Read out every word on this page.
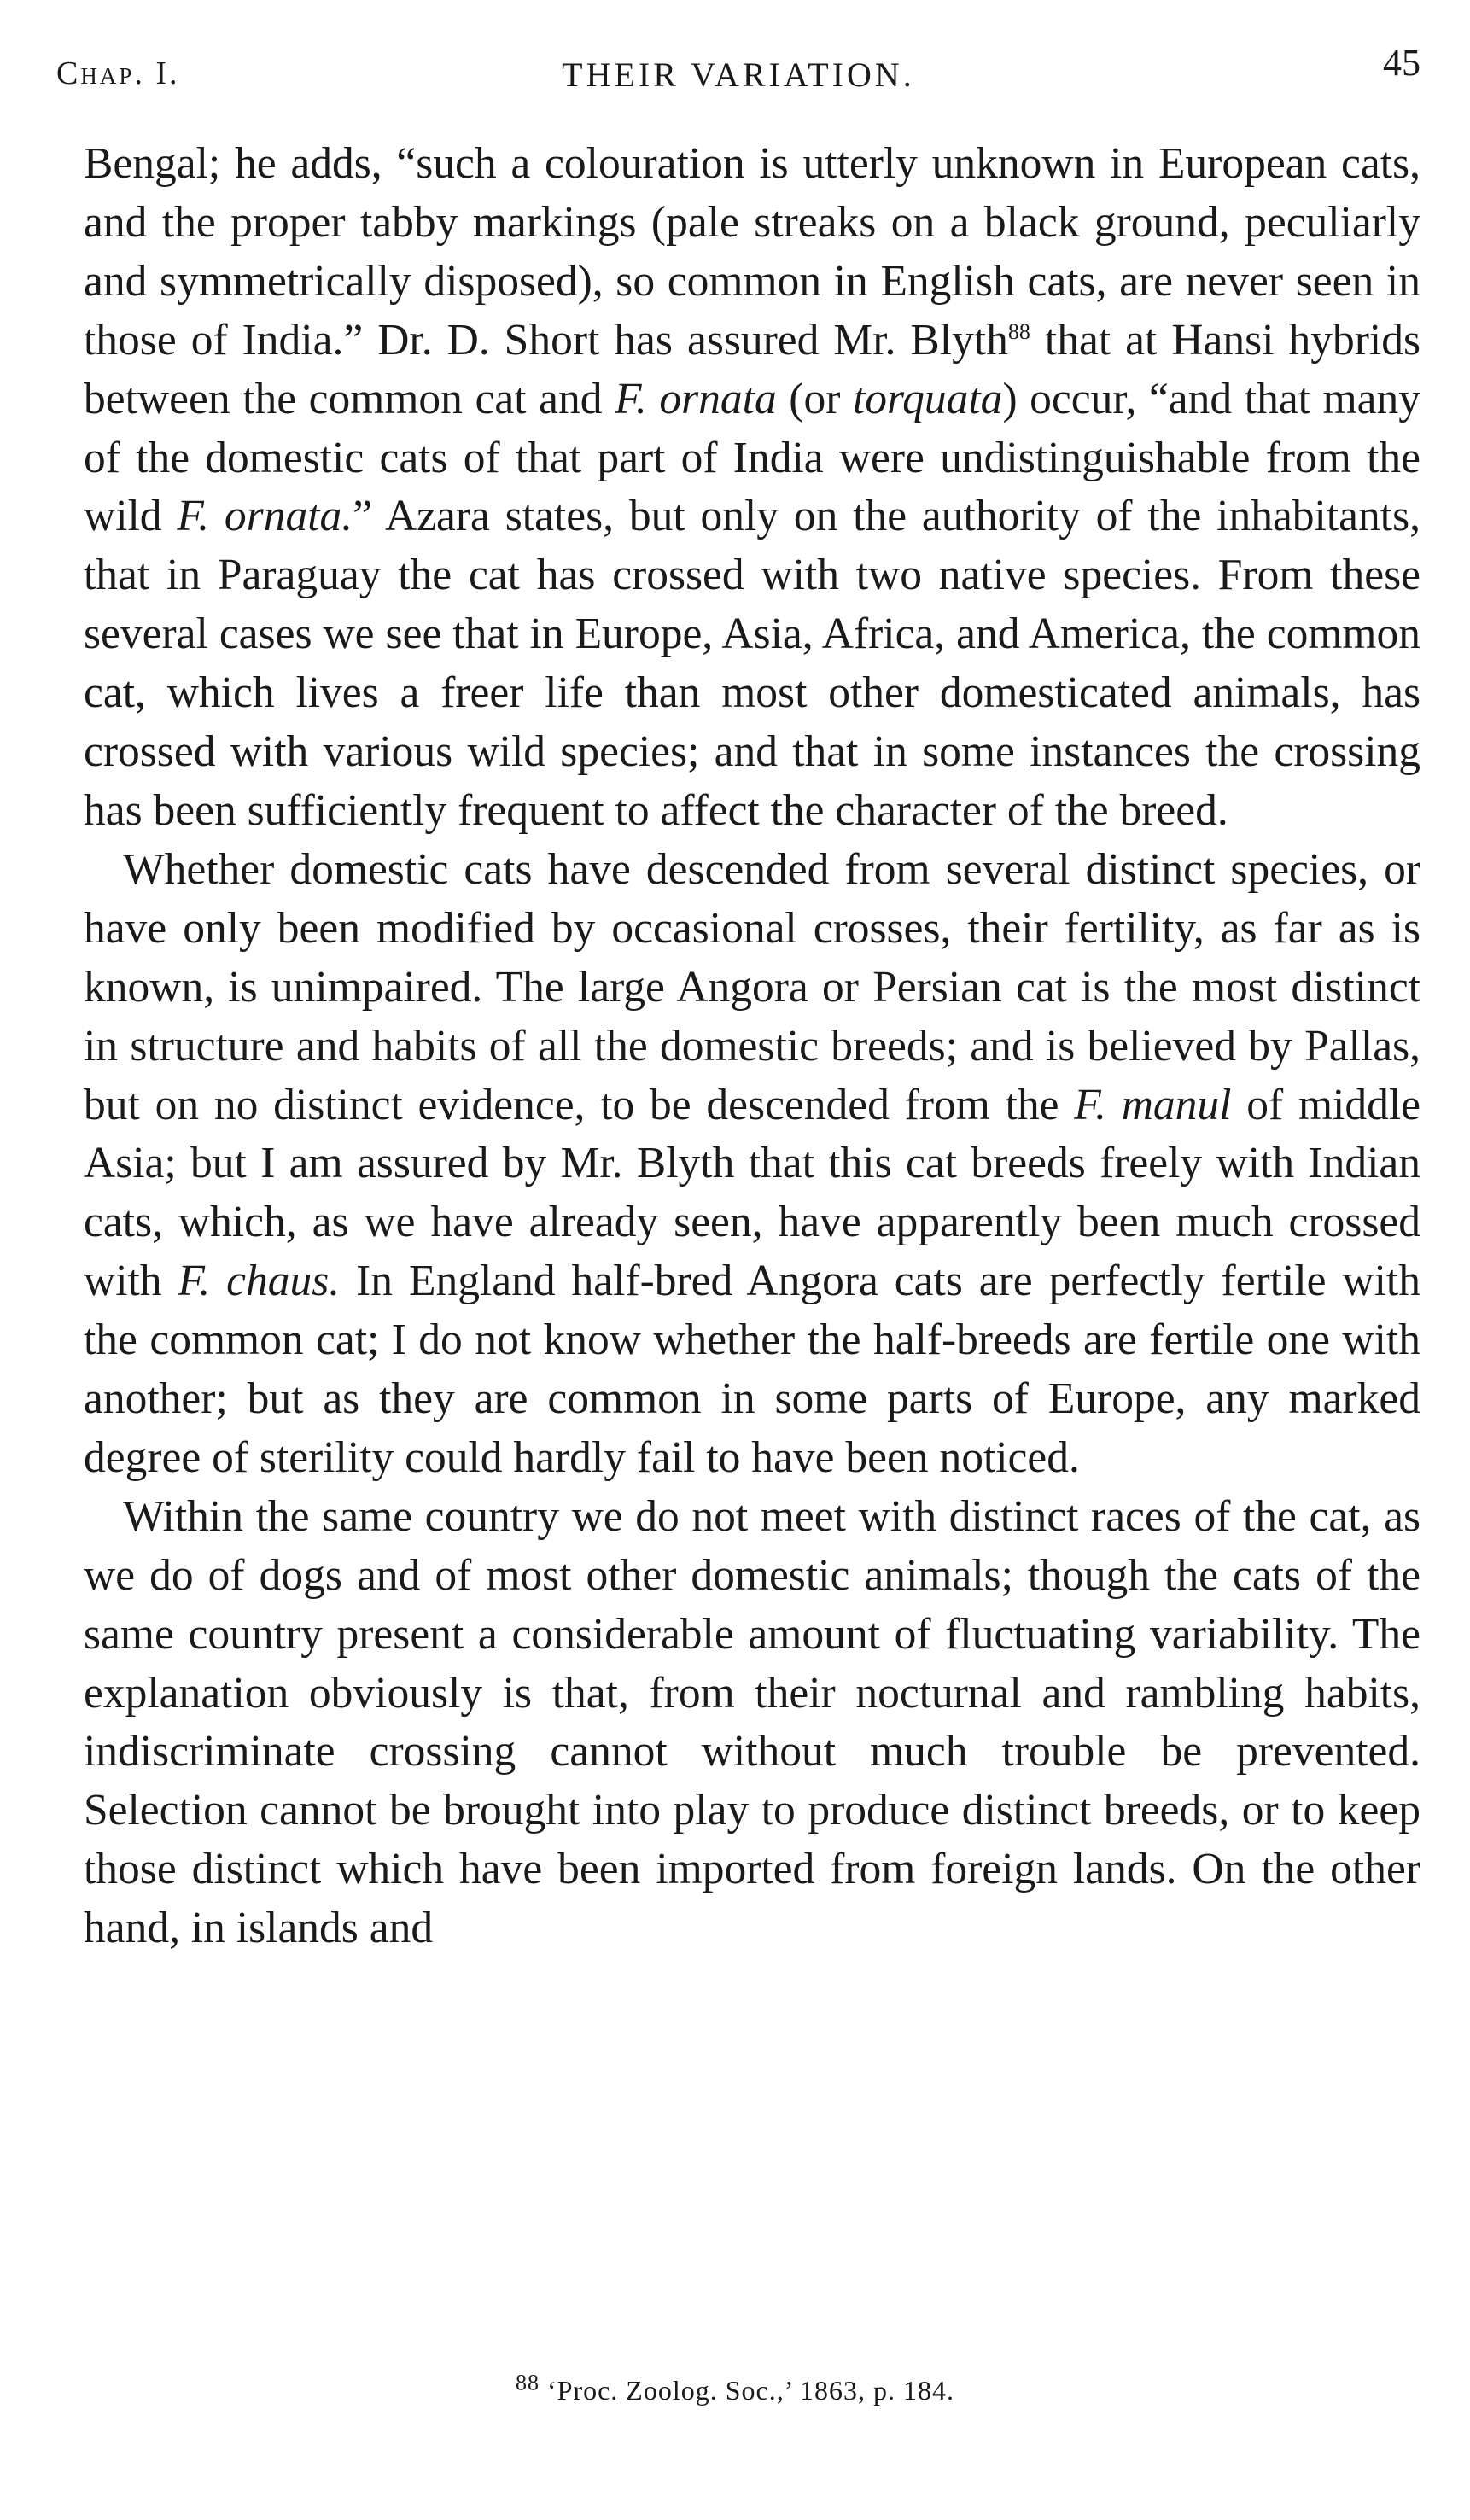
Chap. I.	THEIR VARIATION.	45

Bengal; he adds, “such a colouration is utterly unknown in European cats, and the proper tabby markings (pale streaks on a black ground, peculiarly and symmetrically disposed), so common in English cats, are never seen in those of India.” Dr. D. Short has assured Mr. Blyth$^{88}$ that at Hansi hybrids between the common cat and F. ornata (or torquata) occur, “and that many of the domestic cats of that part of India were undistinguishable from the wild F. ornata.” Azara states, but only on the authority of the inhabitants, that in Paraguay the cat has crossed with two native species. From these several cases we see that in Europe, Asia, Africa, and America, the common cat, which lives a freer life than most other domesticated animals, has crossed with various wild species; and that in some instances the crossing has been sufficiently frequent to affect the character of the breed.

Whether domestic cats have descended from several distinct species, or have only been modified by occasional crosses, their fertility, as far as is known, is unimpaired. The large Angora or Persian cat is the most distinct in structure and habits of all the domestic breeds; and is believed by Pallas, but on no distinct evidence, to be descended from the F. manul of middle Asia; but I am assured by Mr. Blyth that this cat breeds freely with Indian cats, which, as we have already seen, have apparently been much crossed with F. chaus. In England half-bred Angora cats are perfectly fertile with the common cat; I do not know whether the half-breeds are fertile one with another; but as they are common in some parts of Europe, any marked degree of sterility could hardly fail to have been noticed.

Within the same country we do not meet with distinct races of the cat, as we do of dogs and of most other domestic animals; though the cats of the same country present a considerable amount of fluctuating variability. The explanation obviously is that, from their nocturnal and rambling habits, indiscriminate crossing cannot without much trouble be prevented. Selection cannot be brought into play to produce distinct breeds, or to keep those distinct which have been imported from foreign lands. On the other hand, in islands and

$^{88}$ ‘Proc. Zoolog. Soc.,’ 1863, p. 184.
